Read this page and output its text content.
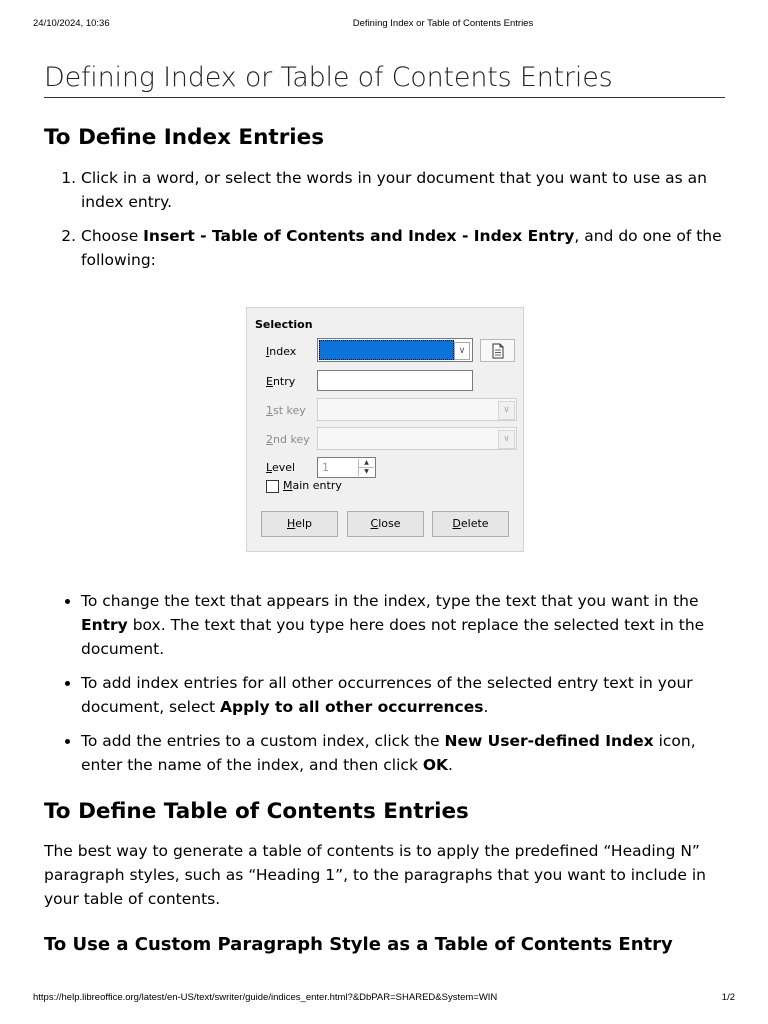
24/10/2024, 10:36	Defining Index or Table of Contents Entries
Defining Index or Table of Contents Entries
To Define Index Entries
1. Click in a word, or select the words in your document that you want to use as an index entry.
2. Choose Insert - Table of Contents and Index - Index Entry, and do one of the following:
Selection
Index	∨
Entry
1st key	∨
2nd key	∨
Level 1	▲
▼
Main entry
Help	Close	Delete
• To change the text that appears in the index, type the text that you want in the Entry box. The text that you type here does not replace the selected text in the document.
• To add index entries for all other occurrences of the selected entry text in your document, select Apply to all other occurrences.
• To add the entries to a custom index, click the New User-defined Index icon, enter the name of the index, and then click OK.
To Define Table of Contents Entries

The best way to generate a table of contents is to apply the predefined “Heading N” paragraph styles, such as “Heading 1”, to the paragraphs that you want to include in your table of contents.

To Use a Custom Paragraph Style as a Table of Contents Entry
https://help.libreoffice.org/latest/en-US/text/swriter/guide/indices_enter.html?&DbPAR=SHARED&System=WIN	1/2
